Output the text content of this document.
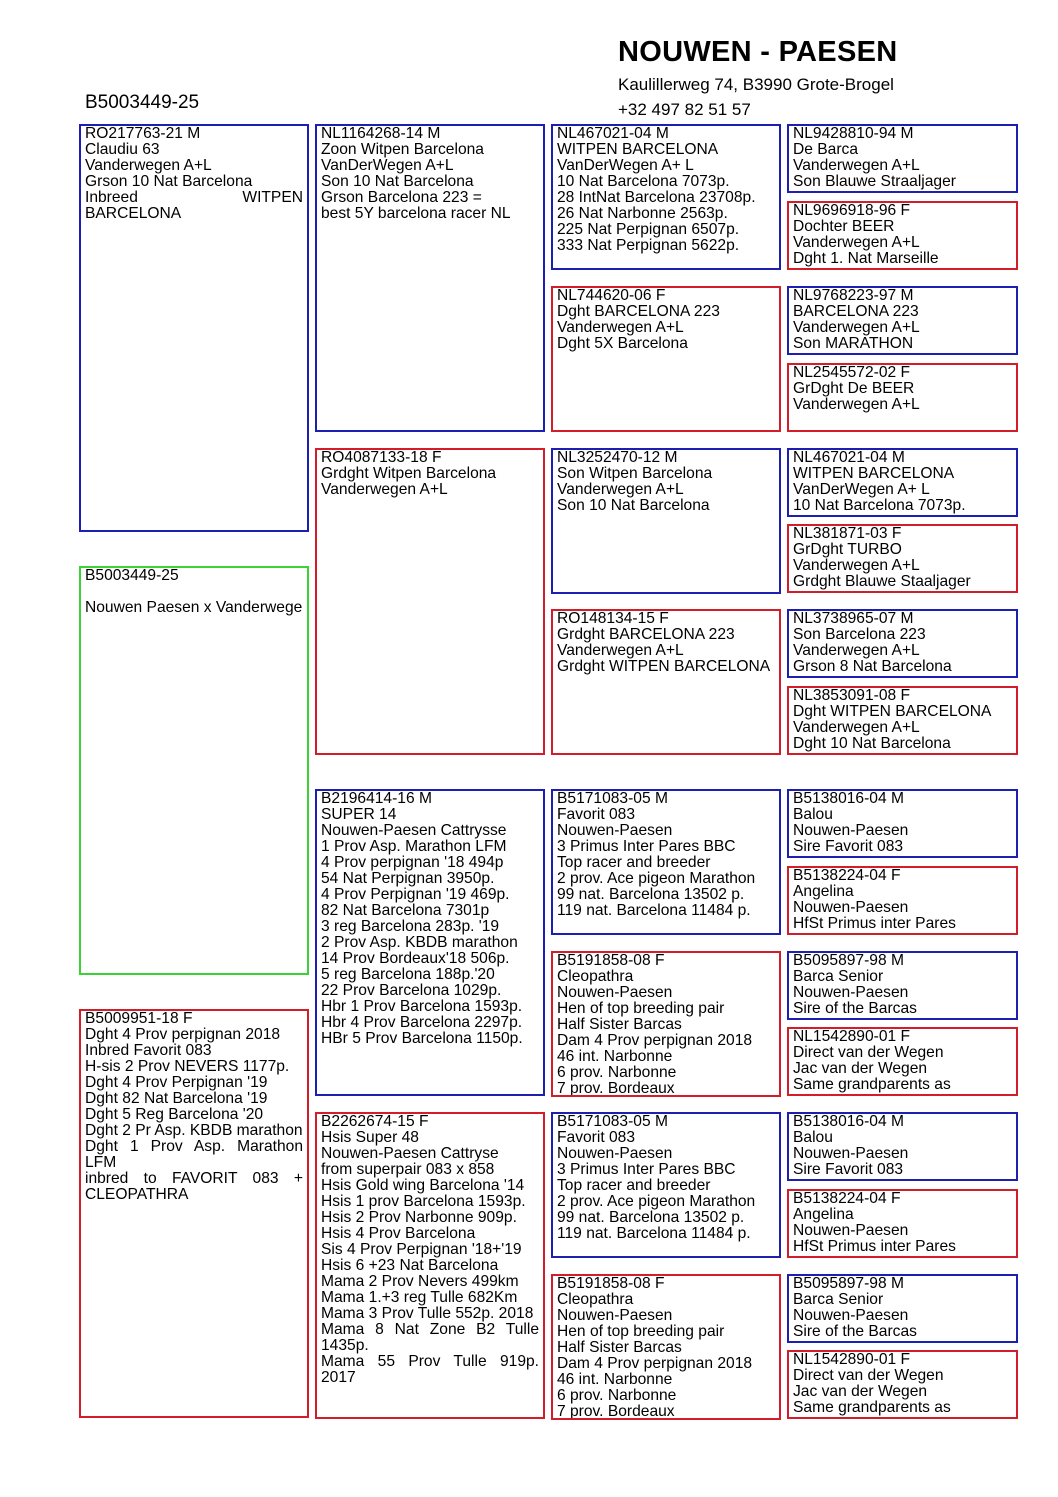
NOUWEN - PAESEN
Kaulillerweg 74, B3990 Grote-Brogel
+32 497 82 51 57
B5003449-25
B5003449-25

Nouwen Paesen x Vanderwege
RO217763-21 M
Claudiu 63
Vanderwegen A+L
Grson 10 Nat Barcelona
Inbreed WITPEN BARCELONA
B5009951-18 F
Dght 4 Prov perpignan 2018
Inbred Favorit 083
H-sis 2 Prov NEVERS 1177p.
Dght 4 Prov Perpignan '19
Dght 82 Nat Barcelona '19
Dght 5 Reg Barcelona '20
Dght 2 Pr Asp. KBDB marathon
Dght 1 Prov Asp. Marathon LFM
inbred to FAVORIT 083 + CLEOPATHRA
NL1164268-14 M
Zoon Witpen Barcelona
VanDerWegen A+L
Son 10 Nat Barcelona
Grson Barcelona 223 =
best 5Y barcelona racer NL
RO4087133-18 F
Grdght Witpen Barcelona
Vanderwegen A+L
B2196414-16 M
SUPER 14
Nouwen-Paesen Cattrysse
1 Prov Asp. Marathon LFM
4 Prov perpignan '18 494p
54 Nat Perpignan 3950p.
4 Prov Perpignan '19 469p.
82 Nat Barcelona 7301p
3 reg Barcelona 283p. '19
2 Prov Asp. KBDB marathon
14 Prov Bordeaux'18 506p.
5 reg Barcelona 188p.'20
22 Prov Barcelona 1029p.
Hbr 1 Prov Barcelona 1593p.
Hbr 4 Prov Barcelona 2297p.
HBr 5 Prov Barcelona 1150p.
B2262674-15 F
Hsis Super 48
Nouwen-Paesen Cattryse
from superpair 083 x 858
Hsis Gold wing Barcelona '14
Hsis 1 prov Barcelona 1593p.
Hsis 2 Prov Narbonne 909p.
Hsis 4 Prov Barcelona
Sis 4 Prov Perpignan '18+'19
Hsis 6 +23 Nat Barcelona
Mama 2 Prov Nevers 499km
Mama 1.+3 reg Tulle 682Km
Mama 3 Prov Tulle 552p. 2018
Mama 8 Nat Zone B2 Tulle 1435p.
Mama 55 Prov Tulle 919p. 2017
NL467021-04 M
WITPEN BARCELONA
VanDerWegen A+ L
10 Nat Barcelona 7073p.
28 IntNat Barcelona 23708p.
26 Nat Narbonne 2563p.
225 Nat Perpignan 6507p.
333 Nat Perpignan 5622p.
NL744620-06 F
Dght BARCELONA 223
Vanderwegen A+L
Dght 5X Barcelona
NL3252470-12 M
Son Witpen Barcelona
Vanderwegen A+L
Son 10 Nat Barcelona
RO148134-15 F
Grdght BARCELONA 223
Vanderwegen A+L
Grdght WITPEN BARCELONA
B5171083-05 M
Favorit 083
Nouwen-Paesen
3 Primus Inter Pares BBC
Top racer and breeder
2 prov. Ace pigeon Marathon
99 nat. Barcelona 13502 p.
119 nat. Barcelona 11484 p.
B5191858-08 F
Cleopathra
Nouwen-Paesen
Hen of top breeding pair
Half Sister Barcas
Dam 4 Prov perpignan 2018
46 int. Narbonne
6 prov. Narbonne
7 prov. Bordeaux
B5171083-05 M
Favorit 083
Nouwen-Paesen
3 Primus Inter Pares BBC
Top racer and breeder
2 prov. Ace pigeon Marathon
99 nat. Barcelona 13502 p.
119 nat. Barcelona 11484 p.
B5191858-08 F
Cleopathra
Nouwen-Paesen
Hen of top breeding pair
Half Sister Barcas
Dam 4 Prov perpignan 2018
46 int. Narbonne
6 prov. Narbonne
7 prov. Bordeaux
NL9428810-94 M
De Barca
Vanderwegen A+L
Son Blauwe Straaljager
NL9696918-96 F
Dochter BEER
Vanderwegen A+L
Dght 1. Nat Marseille
NL9768223-97 M
BARCELONA 223
Vanderwegen A+L
Son MARATHON
NL2545572-02 F
GrDght De BEER
Vanderwegen A+L
NL467021-04 M
WITPEN BARCELONA
VanDerWegen A+ L
10 Nat Barcelona 7073p.
NL381871-03 F
GrDght TURBO
Vanderwegen A+L
Grdght Blauwe Staaljager
NL3738965-07 M
Son Barcelona 223
Vanderwegen A+L
Grson 8 Nat Barcelona
NL3853091-08 F
Dght WITPEN BARCELONA
Vanderwegen A+L
Dght 10 Nat Barcelona
B5138016-04 M
Balou
Nouwen-Paesen
Sire Favorit 083
B5138224-04 F
Angelina
Nouwen-Paesen
HfSt Primus inter Pares
B5095897-98 M
Barca Senior
Nouwen-Paesen
Sire of the Barcas
NL1542890-01 F
Direct van der Wegen
Jac van der Wegen
Same grandparents as
B5138016-04 M
Balou
Nouwen-Paesen
Sire Favorit 083
B5138224-04 F
Angelina
Nouwen-Paesen
HfSt Primus inter Pares
B5095897-98 M
Barca Senior
Nouwen-Paesen
Sire of the Barcas
NL1542890-01 F
Direct van der Wegen
Jac van der Wegen
Same grandparents as
